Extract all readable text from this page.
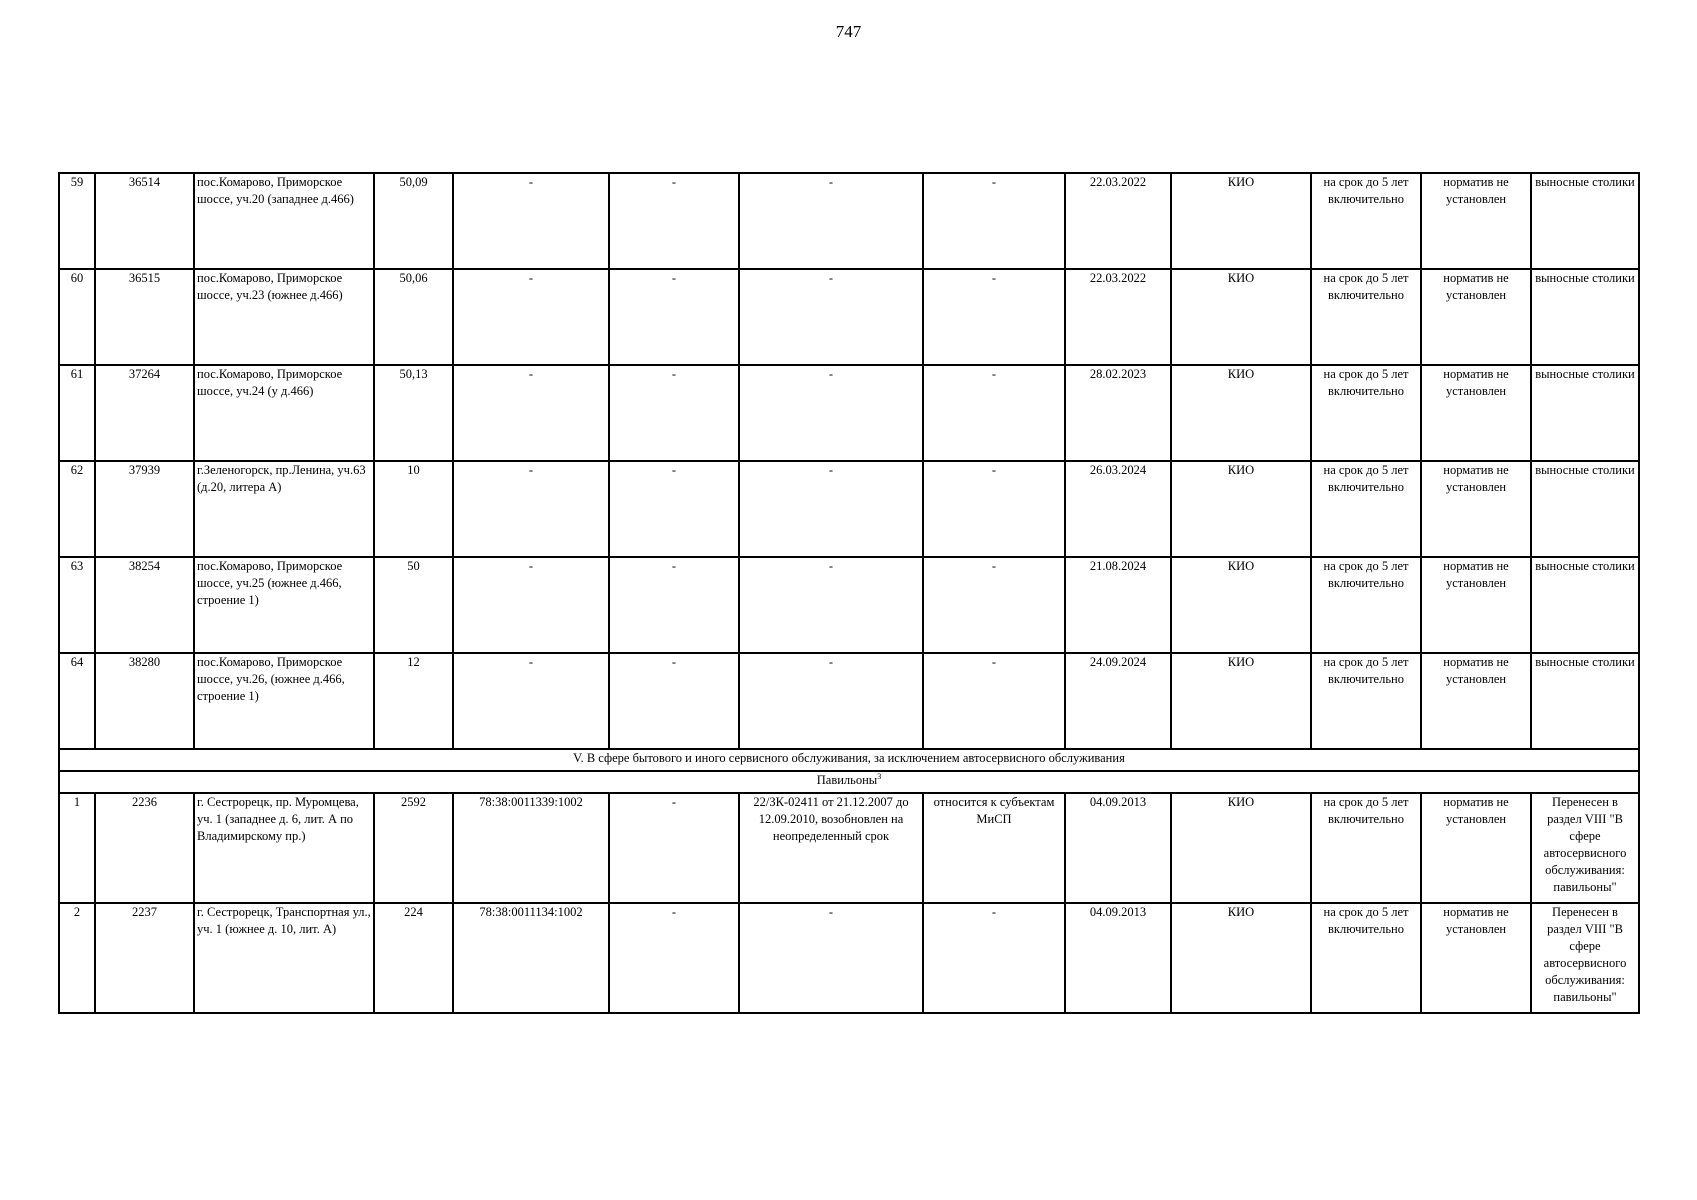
747
59	36514	пос.Комарово, Приморское шоссе, уч.20 (западнее д.466)	50,09	-	-	-	-	22.03.2022	КИО	на срок до 5 лет включительно	норматив не установлен	выносные столики
60	36515	пос.Комарово, Приморское шоссе, уч.23 (южнее д.466)	50,06	-	-	-	-	22.03.2022	КИО	на срок до 5 лет включительно	норматив не установлен	выносные столики
61	37264	пос.Комарово, Приморское шоссе, уч.24 (у д.466)	50,13	-	-	-	-	28.02.2023	КИО	на срок до 5 лет включительно	норматив не установлен	выносные столики
62	37939	г.Зеленогорск, пр.Ленина, уч.63 (д.20, литера А)	10	-	-	-	-	26.03.2024	КИО	на срок до 5 лет включительно	норматив не установлен	выносные столики
63	38254	пос.Комарово, Приморское шоссе, уч.25 (южнее д.466, строение 1)	50	-	-	-	-	21.08.2024	КИО	на срок до 5 лет включительно	норматив не установлен	выносные столики
64	38280	пос.Комарово, Приморское шоссе, уч.26, (южнее д.466, строение 1)	12	-	-	-	-	24.09.2024	КИО	на срок до 5 лет включительно	норматив не установлен	выносные столики
V. В сфере бытового и иного сервисного обслуживания, за исключением автосервисного обслуживания												
Павильоны$^3$
1	2236	г. Сестрорецк, пр. Муромцева, уч. 1 (западнее д. 6, лит. А по Владимирскому пр.)	2592	78:38:0011339:1002	-	22/ЗК-02411 от 21.12.2007 до 12.09.2010, возобновлен на неопределенный срок	относится к субъектам МиСП	04.09.2013	КИО	на срок до 5 лет включительно	норматив не установлен	Перенесен в раздел VIII "В сфере автосервисного обслуживания: павильоны"
2	2237	г. Сестрорецк, Транспортная ул., уч. 1 (южнее д. 10, лит. А)	224	78:38:0011134:1002	-	-	-	04.09.2013	КИО	на срок до 5 лет включительно	норматив не установлен	Перенесен в раздел VIII "В сфере автосервисного обслуживания: павильоны"
